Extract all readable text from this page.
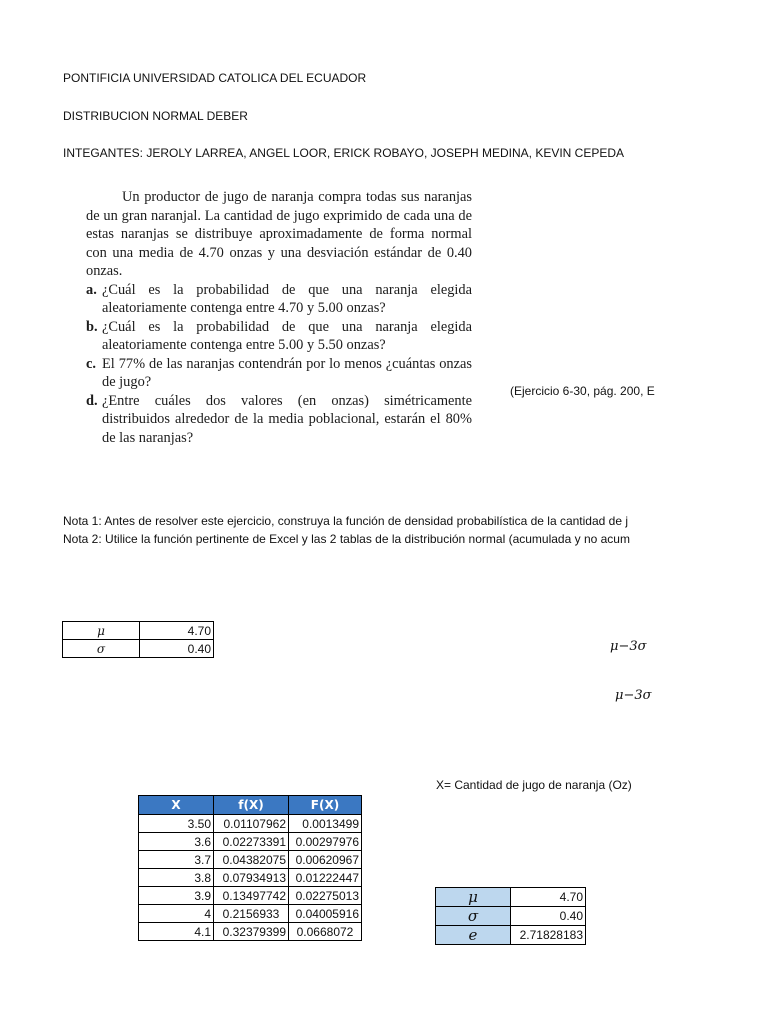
PONTIFICIA UNIVERSIDAD CATOLICA DEL ECUADOR
DISTRIBUCION NORMAL DEBER
INTEGANTES: JEROLY LARREA, ANGEL LOOR, ERICK ROBAYO, JOSEPH MEDINA, KEVIN CEPEDA

Un productor de jugo de naranja compra todas sus naranjas de un gran naranjal. La cantidad de jugo exprimido de cada una de estas naranjas se distribuye aproximadamente de forma normal con una media de 4.70 onzas y una desviación estándar de 0.40 onzas.

a. ¿Cuál es la probabilidad de que una naranja elegida aleatoriamente contenga entre 4.70 y 5.00 onzas?
b. ¿Cuál es la probabilidad de que una naranja elegida aleatoriamente contenga entre 5.00 y 5.50 onzas?
c. El 77% de las naranjas contendrán por lo menos ¿cuántas onzas de jugo?
d. ¿Entre cuáles dos valores (en onzas) simétricamente distribuidos alrededor de la media poblacional, estarán el 80% de las naranjas?
(Ejercicio 6-30, pág. 200, E
Nota 1: Antes de resolver este ejercicio, construya la función de densidad probabilística de la cantidad de j
Nota 2: Utilice la función pertinente de Excel y las 2 tablas de la distribución normal (acumulada y no acum
μ	4.70
σ	0.40	μ−3σ
μ−3σ
X= Cantidad de jugo de naranja (Oz)
X	f(X)	F(X)
3.50	0.01107962	0.0013499
3.6	0.02273391	0.00297976
3.7	0.04382075	0.00620967
3.8	0.07934913	0.01222447
3.9	0.13497742	0.02275013
4	0.2156933	0.04005916
4.1	0.32379399	0.0668072
μ	4.70
σ	0.40
e	2.71828183
